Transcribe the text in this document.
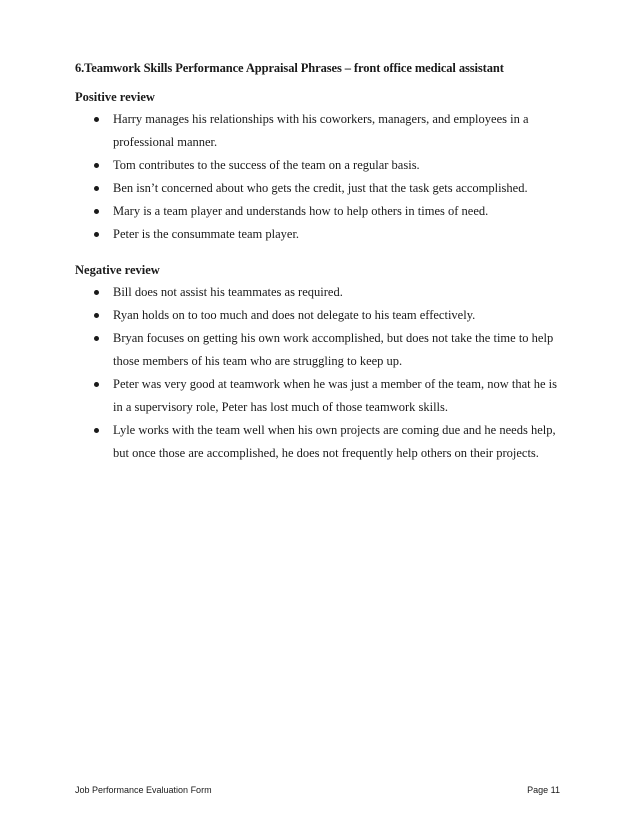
6.Teamwork Skills Performance Appraisal Phrases – front office medical assistant
Positive review
Harry manages his relationships with his coworkers, managers, and employees in a professional manner.
Tom contributes to the success of the team on a regular basis.
Ben isn’t concerned about who gets the credit, just that the task gets accomplished.
Mary is a team player and understands how to help others in times of need.
Peter is the consummate team player.
Negative review
Bill does not assist his teammates as required.
Ryan holds on to too much and does not delegate to his team effectively.
Bryan focuses on getting his own work accomplished, but does not take the time to help those members of his team who are struggling to keep up.
Peter was very good at teamwork when he was just a member of the team, now that he is in a supervisory role, Peter has lost much of those teamwork skills.
Lyle works with the team well when his own projects are coming due and he needs help, but once those are accomplished, he does not frequently help others on their projects.
Job Performance Evaluation Form	Page 11
